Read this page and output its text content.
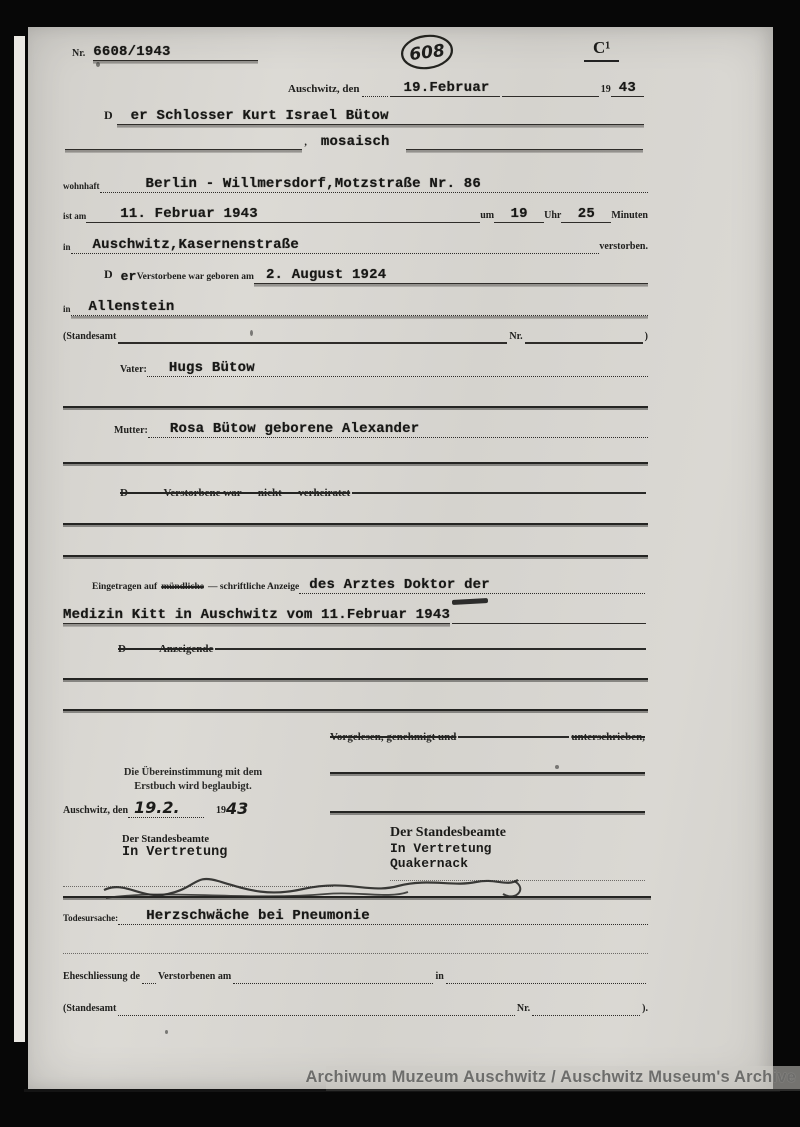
Nr. 6608/1943	608	C¹
Auschwitz, den	19.Februar	19 43
D	er Schlosser Kurt Israel Bütow
,	mosaisch
wohnhaft	Berlin - Willmersdorf,Motzstraße Nr. 86
ist am	11. Februar 1943	um 19 Uhr 25 Minuten
in	Auschwitz,Kasernenstraße	verstorben.
D er Verstorbene war geboren am 2. August 1924
in	Allenstein
(Standesamt	Nr.	)
Vater:	Hugs Bütow
Mutter:	Rosa Bütow geborene Alexander
D——— Verstorbene war — nicht — verheiratet
Eingetragen auf mündliche — schriftliche Anzeige des Arztes Doktor der
Medizin Kitt in Auschwitz vom 11.Februar 1943
D———Anzeigende
Vorgelesen, genehmigt und	unterschrieben,
Die Übereinstimmung mit dem
Erstbuch wird beglaubigt.
Auschwitz, den 19.2.	19 43
Der Standesbeamte
In Vertretung
Der Standesbeamte
In Vertretung
Quakernack
Todesursache:	Herzschwäche bei Pneumonie
Eheschliessung de Verstorbenen am	in
(Standesamt	Nr.	).
Archiwum Muzeum Auschwitz / Auschwitz Museum's Archive
